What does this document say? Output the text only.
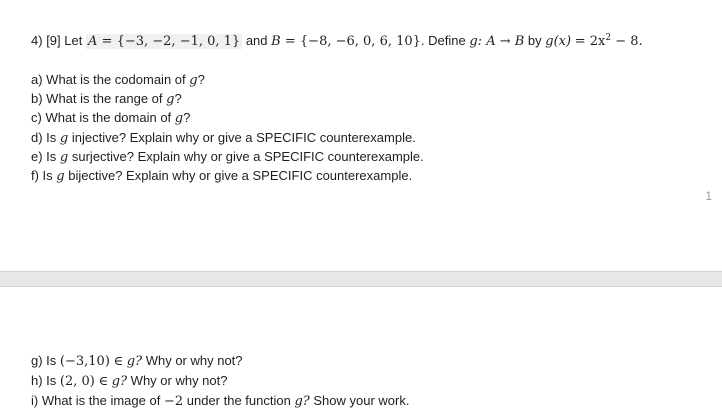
4) [9] Let A = {−3, −2, −1, 0, 1} and B = {−8, −6, 0, 6, 10}. Define g: A → B by $g(x) = 2x^2 - 8$.
a) What is the codomain of g?
b) What is the range of g?
c) What is the domain of g?
d) Is g injective? Explain why or give a SPECIFIC counterexample.
e) Is g surjective? Explain why or give a SPECIFIC counterexample.
f) Is g bijective? Explain why or give a SPECIFIC counterexample.
1
g) Is (−3,10) ∈ g? Why or why not?
h) Is (2, 0) ∈ g? Why or why not?
i) What is the image of −2 under the function g? Show your work.
